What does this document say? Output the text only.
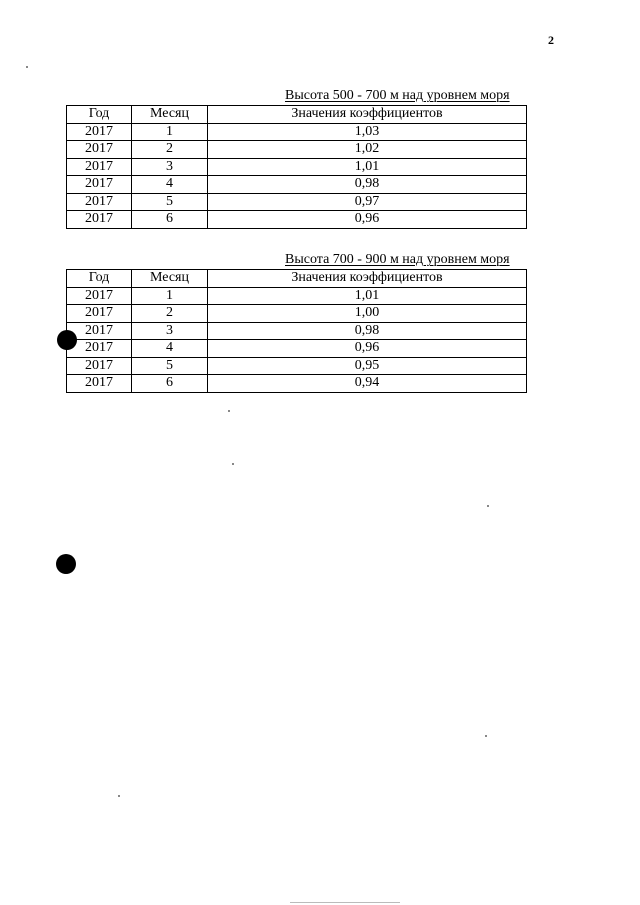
2
Высота 500 - 700 м над уровнем моря
Год	Месяц	Значения коэффициентов
2017	1	1,03
2017	2	1,02
2017	3	1,01
2017	4	0,98
2017	5	0,97
2017	6	0,96
Высота 700 - 900 м над уровнем моря
Год	Месяц	Значения коэффициентов
2017	1	1,01
2017	2	1,00
2017	3	0,98
2017	4	0,96
2017	5	0,95
2017	6	0,94
